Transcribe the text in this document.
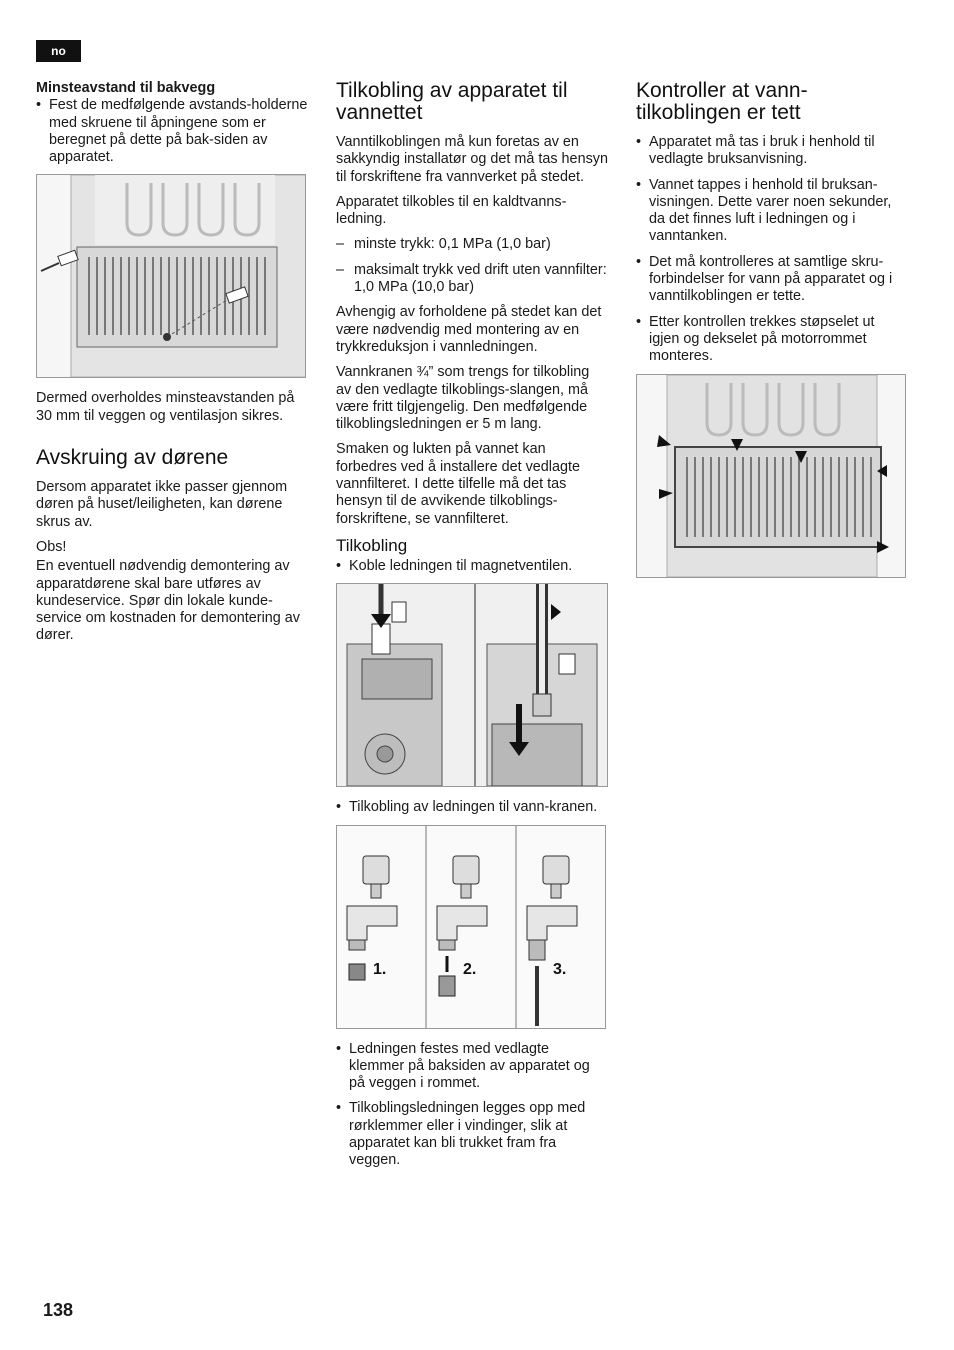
no

Minsteavstand til bakvegg

• Fest de medfølgende avstands-holderne med skruene til åpningene som er beregnet på dette på bak-siden av apparatet.

Dermed overholdes minsteavstanden på 30 mm til veggen og ventilasjon sikres.

Avskruing av dørene

Dersom apparatet ikke passer gjennom døren på huset/leiligheten, kan dørene skrus av.

Obs!

En eventuell nødvendig demontering av apparatdørene skal bare utføres av kundeservice. Spør din lokale kunde-service om kostnaden for demontering av dører.

Tilkobling av apparatet til vannettet

Vanntilkoblingen må kun foretas av en sakkyndig installatør og det må tas hensyn til forskriftene fra vannverket på stedet.

Apparatet tilkobles til en kaldtvanns-ledning.

– minste trykk: 0,1 MPa (1,0 bar)
– maksimalt trykk ved drift uten vannfilter: 1,0 MPa (10,0 bar)

Avhengig av forholdene på stedet kan det være nødvendig med montering av en trykkreduksjon i vannledningen.

Vannkranen ¾” som trengs for tilkobling av den vedlagte tilkoblings-slangen, må være fritt tilgjengelig. Den medfølgende tilkoblingsledningen er 5 m lang.

Smaken og lukten på vannet kan forbedres ved å installere det vedlagte vannfilteret. I dette tilfelle må det tas hensyn til de avvikende tilkoblings-forskriftene, se vannfilteret.

Tilkobling
• Koble ledningen til magnetventilen.
• Tilkobling av ledningen til vann-kranen.
1.	2.	3.
• Ledningen festes med vedlagte klemmer på baksiden av apparatet og på veggen i rommet.
• Tilkoblingsledningen legges opp med rørklemmer eller i vindinger, slik at apparatet kan bli trukket fram fra veggen.
Kontroller at vann-tilkoblingen er tett
• Apparatet må tas i bruk i henhold til vedlagte bruksanvisning.
• Vannet tappes i henhold til bruksan-visningen. Dette varer noen sekunder, da det finnes luft i ledningen og i vanntanken.
• Det må kontrolleres at samtlige skru-forbindelser for vann på apparatet og i vanntilkoblingen er tette.
• Etter kontrollen trekkes støpselet ut igjen og dekselet på motorrommet monteres.
138
